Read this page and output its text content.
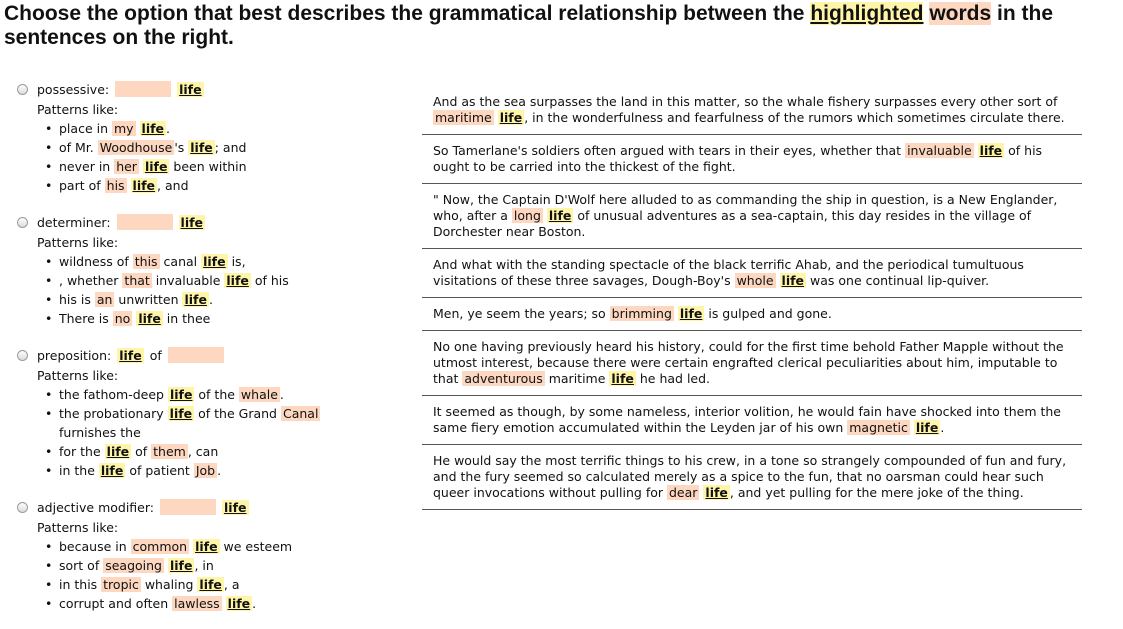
Choose the option that best describes the grammatical relationship between the highlighted words in the sentences on the right.
possessive:	life
Patterns like:
• place in my life .
• of Mr. Woodhouse 's life ; and
• never in her life been within
• part of his life , and
determiner:	life
Patterns like:
• wildness of this canal life is,
• , whether that invaluable life of his
• his is an unwritten life .
• There is no life in thee
preposition: life of
Patterns like:
• the fathom-deep life of the whale .
• the probationary life of the Grand Canal furnishes the
• for the life of them , can
• in the life of patient Job .
adjective modifier:	life
Patterns like:
• because in common life we esteem
• sort of seagoing life , in
• in this tropic whaling life , a
• corrupt and often lawless life .
And as the sea surpasses the land in this matter, so the whale fishery surpasses every other sort of maritime life , in the wonderfulness and fearfulness of the rumors which sometimes circulate there.
So Tamerlane's soldiers often argued with tears in their eyes, whether that invaluable life of his ought to be carried into the thickest of the fight.
" Now, the Captain D'Wolf here alluded to as commanding the ship in question, is a New Englander, who, after a long life of unusual adventures as a sea-captain, this day resides in the village of Dorchester near Boston.
And what with the standing spectacle of the black terrific Ahab, and the periodical tumultuous visitations of these three savages, Dough-Boy's whole life was one continual lip-quiver.
Men, ye seem the years; so brimming life is gulped and gone.
No one having previously heard his history, could for the first time behold Father Mapple without the utmost interest, because there were certain engrafted clerical peculiarities about him, imputable to that adventurous maritime life he had led.
It seemed as though, by some nameless, interior volition, he would fain have shocked into them the same fiery emotion accumulated within the Leyden jar of his own magnetic life .
He would say the most terrific things to his crew, in a tone so strangely compounded of fun and fury, and the fury seemed so calculated merely as a spice to the fun, that no oarsman could hear such queer invocations without pulling for dear life , and yet pulling for the mere joke of the thing.
